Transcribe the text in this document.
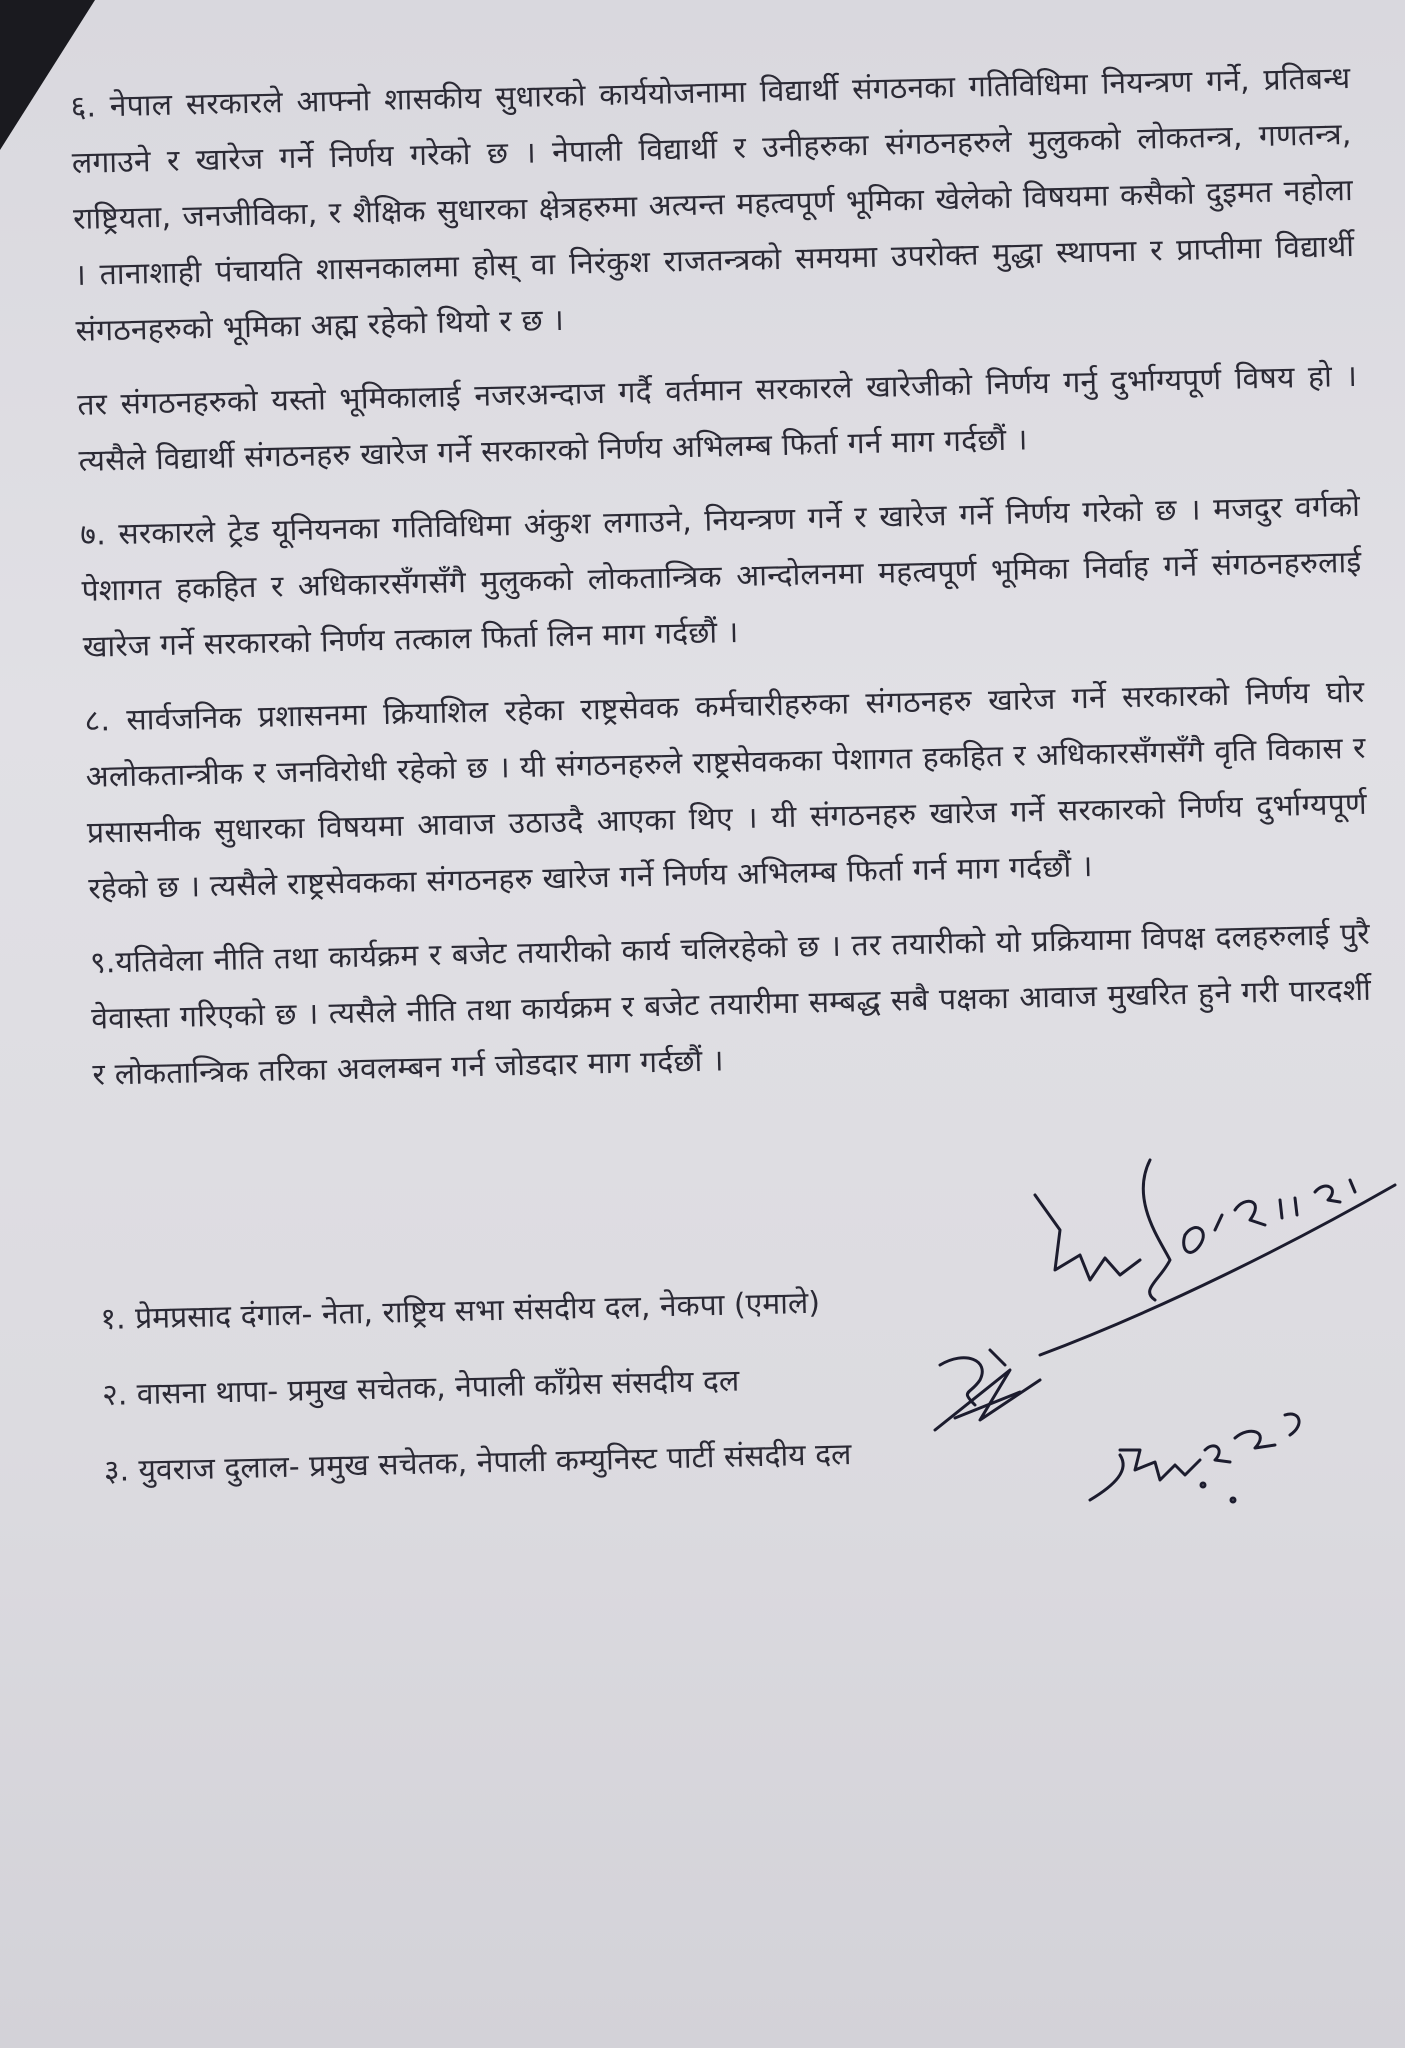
६. नेपाल सरकारले आफ्नो शासकीय सुधारको कार्ययोजनामा विद्यार्थी संगठनका गतिविधिमा नियन्त्रण गर्ने, प्रतिबन्ध लगाउने र खारेज गर्ने निर्णय गरेको छ । नेपाली विद्यार्थी र उनीहरुका संगठनहरुले मुलुकको लोकतन्त्र, गणतन्त्र, राष्ट्रियता, जनजीविका, र शैक्षिक सुधारका क्षेत्रहरुमा अत्यन्त महत्वपूर्ण भूमिका खेलेको विषयमा कसैको दुइमत नहोला । तानाशाही पंचायति शासनकालमा होस् वा निरंकुश राजतन्त्रको समयमा उपरोक्त मुद्धा स्थापना र प्राप्तीमा विद्यार्थी संगठनहरुको भूमिका अह्म रहेको थियो र छ ।

तर संगठनहरुको यस्तो भूमिकालाई नजरअन्दाज गर्दै वर्तमान सरकारले खारेजीको निर्णय गर्नु दुर्भाग्यपूर्ण विषय हो । त्यसैले विद्यार्थी संगठनहरु खारेज गर्ने सरकारको निर्णय अभिलम्ब फिर्ता गर्न माग गर्दछौं ।

७. सरकारले ट्रेड यूनियनका गतिविधिमा अंकुश लगाउने, नियन्त्रण गर्ने र खारेज गर्ने निर्णय गरेको छ । मजदुर वर्गको पेशागत हकहित र अधिकारसँगसँगै मुलुकको लोकतान्त्रिक आन्दोलनमा महत्वपूर्ण भूमिका निर्वाह गर्ने संगठनहरुलाई खारेज गर्ने सरकारको निर्णय तत्काल फिर्ता लिन माग गर्दछौं ।

८. सार्वजनिक प्रशासनमा क्रियाशिल रहेका राष्ट्रसेवक कर्मचारीहरुका संगठनहरु खारेज गर्ने सरकारको निर्णय घोर अलोकतान्त्रीक र जनविरोधी रहेको छ । यी संगठनहरुले राष्ट्रसेवकका पेशागत हकहित र अधिकारसँगसँगै वृति विकास र प्रसासनीक सुधारका विषयमा आवाज उठाउदै आएका थिए । यी संगठनहरु खारेज गर्ने सरकारको निर्णय दुर्भाग्यपूर्ण रहेको छ । त्यसैले राष्ट्रसेवकका संगठनहरु खारेज गर्ने निर्णय अभिलम्ब फिर्ता गर्न माग गर्दछौं ।

९.यतिवेला नीति तथा कार्यक्रम र बजेट तयारीको कार्य चलिरहेको छ । तर तयारीको यो प्रक्रियामा विपक्ष दलहरुलाई पुरै वेवास्ता गरिएको छ । त्यसैले नीति तथा कार्यक्रम र बजेट तयारीमा सम्बद्ध सबै पक्षका आवाज मुखरित हुने गरी पारदर्शी र लोकतान्त्रिक तरिका अवलम्बन गर्न जोडदार माग गर्दछौं ।

१. प्रेमप्रसाद दंगाल- नेता, राष्ट्रिय सभा संसदीय दल, नेकपा (एमाले)
२. वासना थापा- प्रमुख सचेतक, नेपाली काँग्रेस संसदीय दल
३. युवराज दुलाल- प्रमुख सचेतक, नेपाली कम्युनिस्ट पार्टी संसदीय दल
